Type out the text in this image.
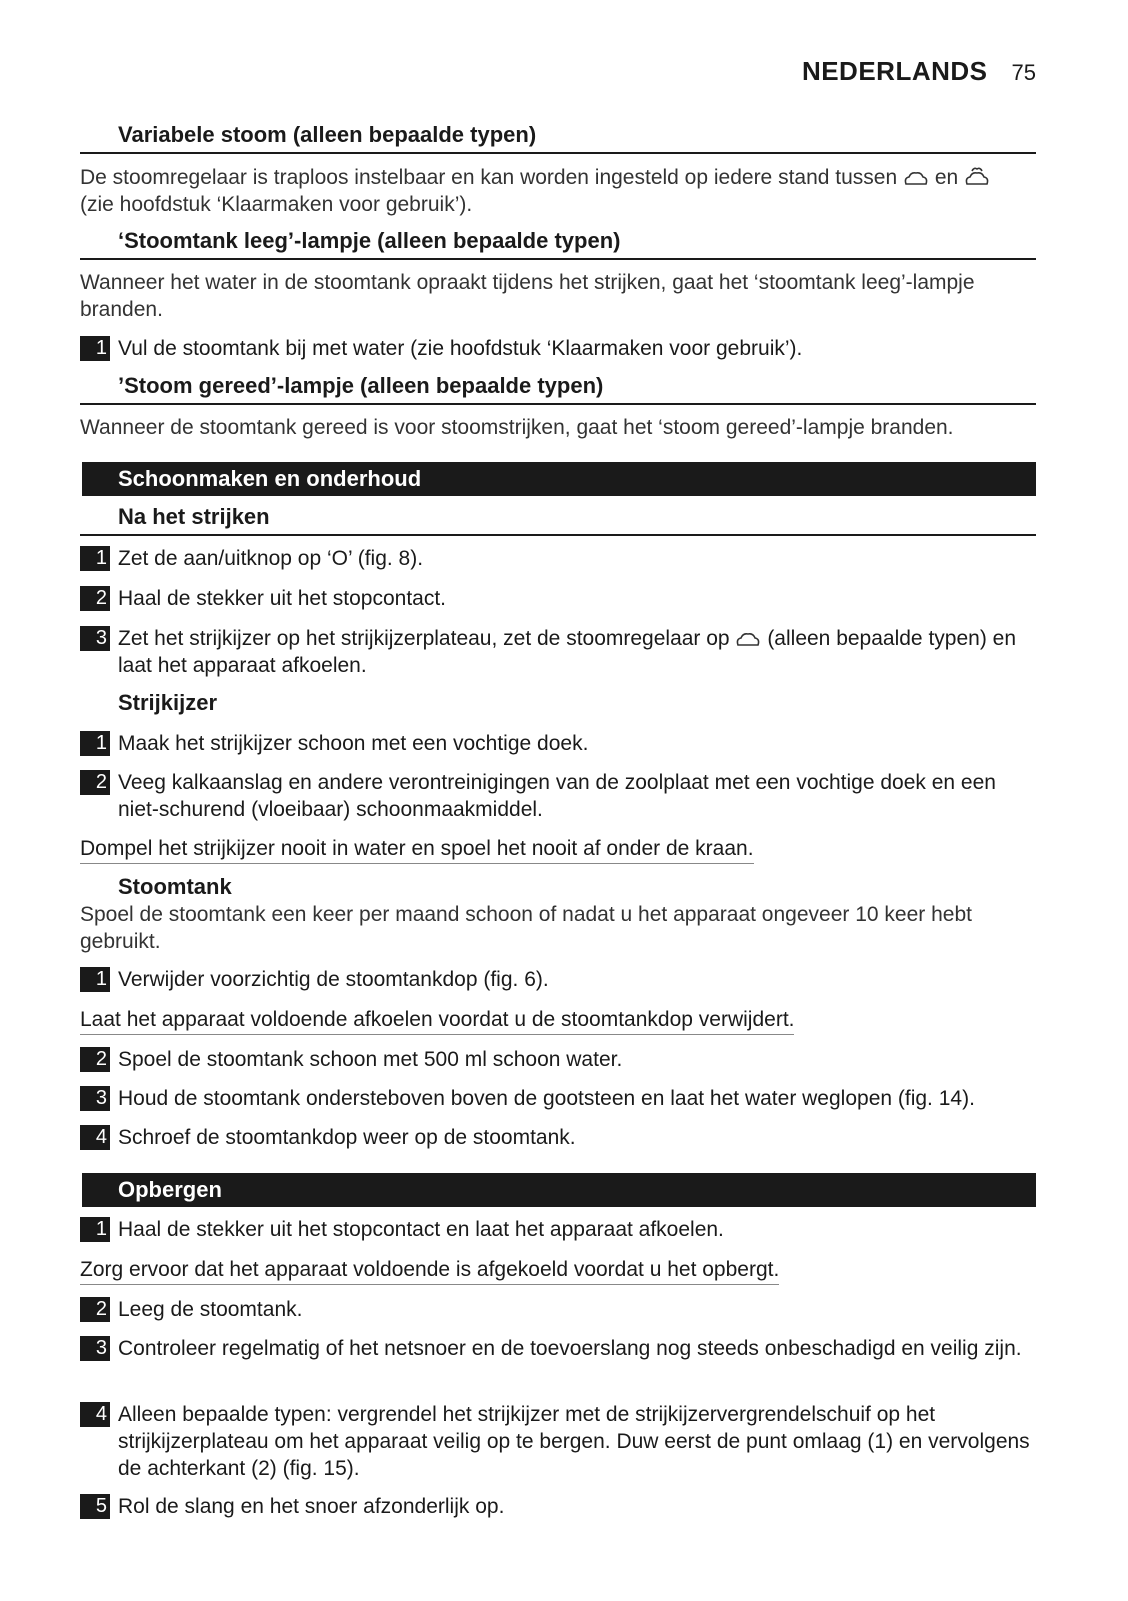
NEDERLANDS 75
Variabele stoom (alleen bepaalde typen)
De stoomregelaar is traploos instelbaar en kan worden ingesteld op iedere stand tussen en
(zie hoofdstuk ‘Klaarmaken voor gebruik’).
‘Stoomtank leeg’-lampje (alleen bepaalde typen)
Wanneer het water in de stoomtank opraakt tijdens het strijken, gaat het ‘stoomtank leeg’-lampje branden.
1 Vul de stoomtank bij met water (zie hoofdstuk ‘Klaarmaken voor gebruik’).
’Stoom gereed’-lampje (alleen bepaalde typen)
Wanneer de stoomtank gereed is voor stoomstrijken, gaat het ‘stoom gereed’-lampje branden.
Schoonmaken en onderhoud
Na het strijken
1 Zet de aan/uitknop op ‘O’ (fig. 8).
2 Haal de stekker uit het stopcontact.
3 Zet het strijkijzer op het strijkijzerplateau, zet de stoomregelaar op (alleen bepaalde typen) en laat het apparaat afkoelen.
Strijkijzer
1 Maak het strijkijzer schoon met een vochtige doek.
2 Veeg kalkaanslag en andere verontreinigingen van de zoolplaat met een vochtige doek en een niet-schurend (vloeibaar) schoonmaakmiddel.
Dompel het strijkijzer nooit in water en spoel het nooit af onder de kraan.
Stoomtank
Spoel de stoomtank een keer per maand schoon of nadat u het apparaat ongeveer 10 keer hebt gebruikt.
1 Verwijder voorzichtig de stoomtankdop (fig. 6).
Laat het apparaat voldoende afkoelen voordat u de stoomtankdop verwijdert.
2 Spoel de stoomtank schoon met 500 ml schoon water.
3 Houd de stoomtank ondersteboven boven de gootsteen en laat het water weglopen (fig. 14).
4 Schroef de stoomtankdop weer op de stoomtank.
Opbergen
1 Haal de stekker uit het stopcontact en laat het apparaat afkoelen.
Zorg ervoor dat het apparaat voldoende is afgekoeld voordat u het opbergt.
2 Leeg de stoomtank.
3 Controleer regelmatig of het netsnoer en de toevoerslang nog steeds onbeschadigd en veilig zijn.
4 Alleen bepaalde typen: vergrendel het strijkijzer met de strijkijzervergrendelschuif op het strijkijzerplateau om het apparaat veilig op te bergen. Duw eerst de punt omlaag (1) en vervolgens de achterkant (2) (fig. 15).
5 Rol de slang en het snoer afzonderlijk op.
